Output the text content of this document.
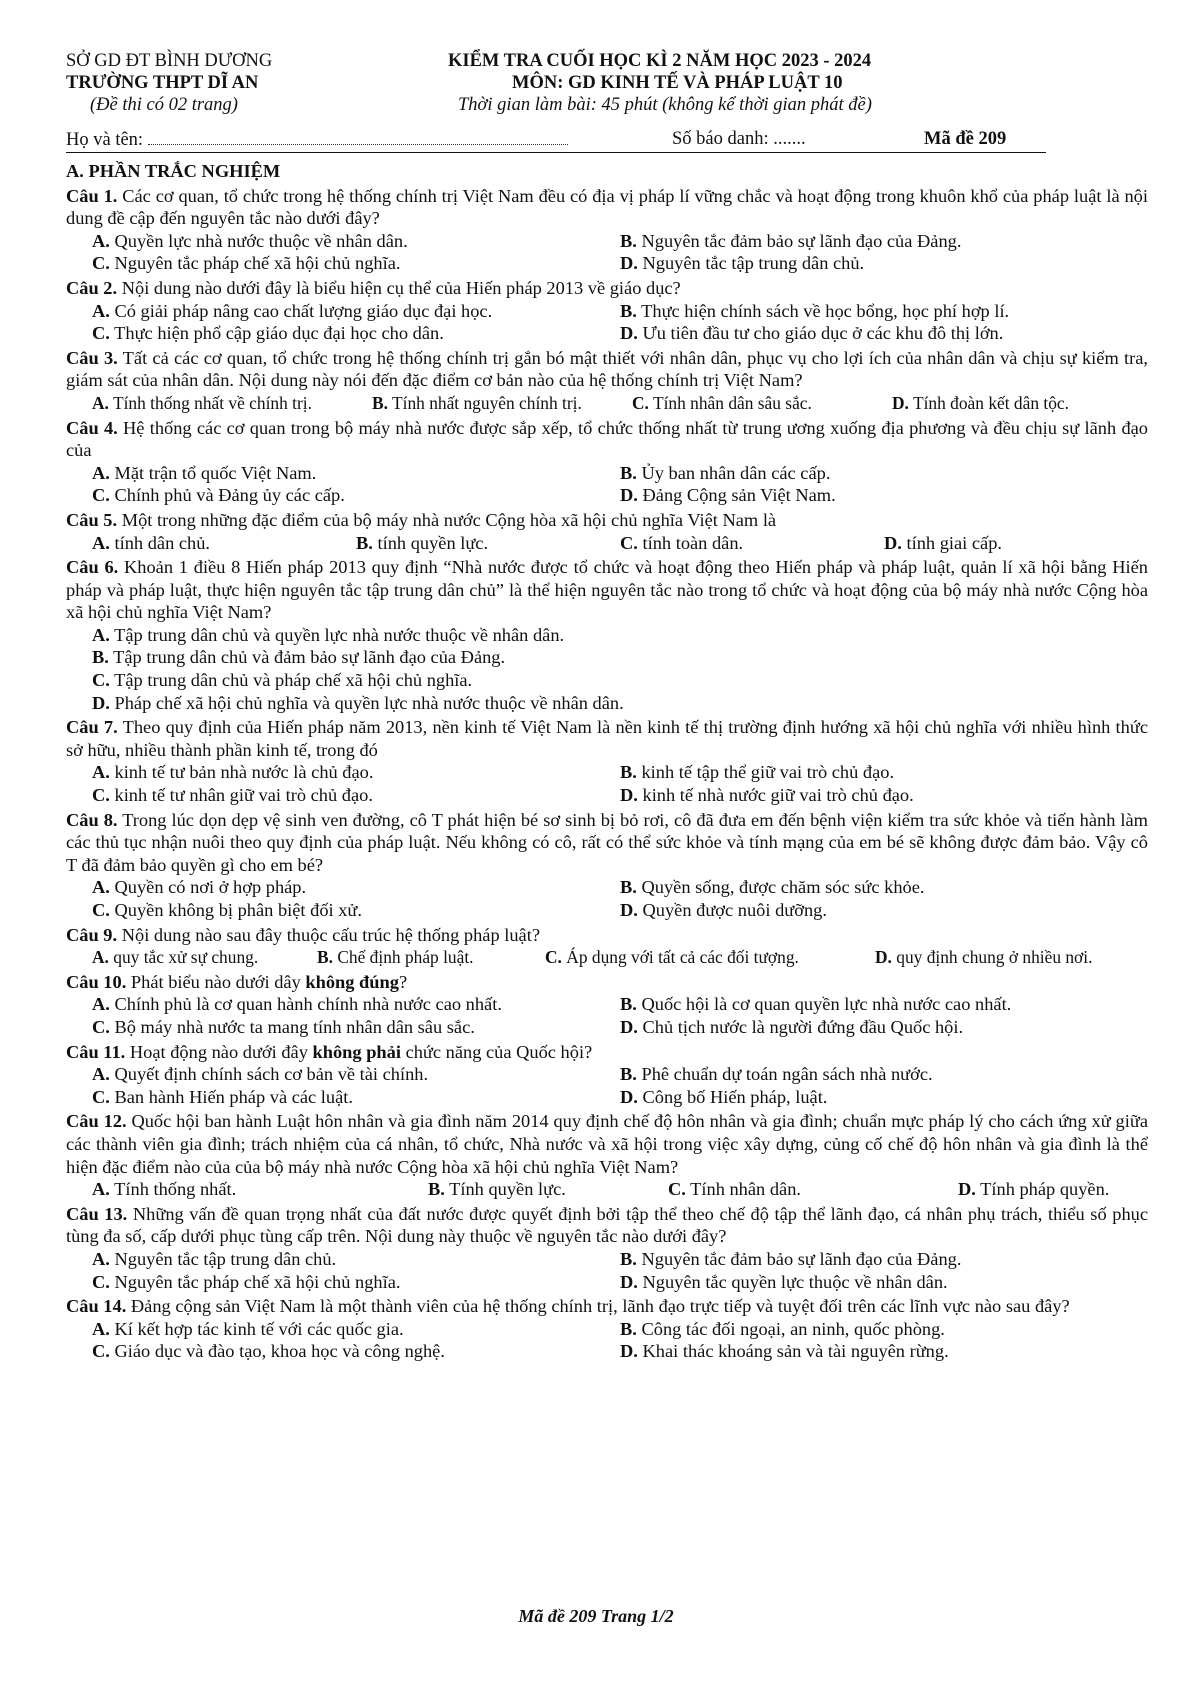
SỞ GD ĐT BÌNH DƯƠNG
TRƯỜNG THPT DĨ AN
(Đề thi có 02 trang)
KIỂM TRA CUỐI HỌC KÌ 2 NĂM HỌC 2023 - 2024
MÔN: GD KINH TẾ VÀ PHÁP LUẬT 10
Thời gian làm bài: 45 phút (không kể thời gian phát đề)
Họ và tên:	Số báo danh: .......	Mã đề 209
A. PHẦN TRẮC NGHIỆM
Câu 1. Các cơ quan, tổ chức trong hệ thống chính trị Việt Nam đều có địa vị pháp lí vững chắc và hoạt động trong khuôn khổ của pháp luật là nội dung đề cập đến nguyên tắc nào dưới đây?
A. Quyền lực nhà nước thuộc về nhân dân.	B. Nguyên tắc đảm bảo sự lãnh đạo của Đảng.
C. Nguyên tắc pháp chế xã hội chủ nghĩa.	D. Nguyên tắc tập trung dân chủ.
Câu 2. Nội dung nào dưới đây là biểu hiện cụ thể của Hiến pháp 2013 về giáo dục?
A. Có giải pháp nâng cao chất lượng giáo dục đại học.	B. Thực hiện chính sách về học bổng, học phí hợp lí.
C. Thực hiện phổ cập giáo dục đại học cho dân.	D. Ưu tiên đầu tư cho giáo dục ở các khu đô thị lớn.
Câu 3. Tất cả các cơ quan, tổ chức trong hệ thống chính trị gắn bó mật thiết với nhân dân, phục vụ cho lợi ích của nhân dân và chịu sự kiểm tra, giám sát của nhân dân. Nội dung này nói đến đặc điểm cơ bản nào của hệ thống chính trị Việt Nam?
A. Tính thống nhất về chính trị.	B. Tính nhất nguyên chính trị.	C. Tính nhân dân sâu sắc.	D. Tính đoàn kết dân tộc.
Câu 4. Hệ thống các cơ quan trong bộ máy nhà nước được sắp xếp, tổ chức thống nhất từ trung ương xuống địa phương và đều chịu sự lãnh đạo của
A. Mặt trận tổ quốc Việt Nam.	B. Ủy ban nhân dân các cấp.
C. Chính phủ và Đảng ủy các cấp.	D. Đảng Cộng sản Việt Nam.
Câu 5. Một trong những đặc điểm của bộ máy nhà nước Cộng hòa xã hội chủ nghĩa Việt Nam là
A. tính dân chủ.	B. tính quyền lực.	C. tính toàn dân.	D. tính giai cấp.
Câu 6. Khoản 1 điều 8 Hiến pháp 2013 quy định “Nhà nước được tổ chức và hoạt động theo Hiến pháp và pháp luật, quản lí xã hội bằng Hiến pháp và pháp luật, thực hiện nguyên tắc tập trung dân chủ” là thể hiện nguyên tắc nào trong tổ chức và hoạt động của bộ máy nhà nước Cộng hòa xã hội chủ nghĩa Việt Nam?
A. Tập trung dân chủ và quyền lực nhà nước thuộc về nhân dân.
B. Tập trung dân chủ và đảm bảo sự lãnh đạo của Đảng.
C. Tập trung dân chủ và pháp chế xã hội chủ nghĩa.
D. Pháp chế xã hội chủ nghĩa và quyền lực nhà nước thuộc về nhân dân.
Câu 7. Theo quy định của Hiến pháp năm 2013, nền kinh tế Việt Nam là nền kinh tế thị trường định hướng xã hội chủ nghĩa với nhiều hình thức sở hữu, nhiều thành phần kinh tế, trong đó
A. kinh tế tư bản nhà nước là chủ đạo.	B. kinh tế tập thể giữ vai trò chủ đạo.
C. kinh tế tư nhân giữ vai trò chủ đạo.	D. kinh tế nhà nước giữ vai trò chủ đạo.
Câu 8. Trong lúc dọn dẹp vệ sinh ven đường, cô T phát hiện bé sơ sinh bị bỏ rơi, cô đã đưa em đến bệnh viện kiểm tra sức khỏe và tiến hành làm các thủ tục nhận nuôi theo quy định của pháp luật. Nếu không có cô, rất có thể sức khỏe và tính mạng của em bé sẽ không được đảm bảo. Vậy cô T đã đảm bảo quyền gì cho em bé?
A. Quyền có nơi ở hợp pháp.	B. Quyền sống, được chăm sóc sức khỏe.
C. Quyền không bị phân biệt đối xử.	D. Quyền được nuôi dưỡng.
Câu 9. Nội dung nào sau đây thuộc cấu trúc hệ thống pháp luật?
A. quy tắc xử sự chung.	B. Chế định pháp luật.	C. Áp dụng với tất cả các đối tượng.	D. quy định chung ở nhiều nơi.
Câu 10. Phát biểu nào dưới dây không đúng?
A. Chính phủ là cơ quan hành chính nhà nước cao nhất.	B. Quốc hội là cơ quan quyền lực nhà nước cao nhất.
C. Bộ máy nhà nước ta mang tính nhân dân sâu sắc.	D. Chủ tịch nước là người đứng đầu Quốc hội.
Câu 11. Hoạt động nào dưới đây không phải chức năng của Quốc hội?
A. Quyết định chính sách cơ bản về tài chính.	B. Phê chuẩn dự toán ngân sách nhà nước.
C. Ban hành Hiến pháp và các luật.	D. Công bố Hiến pháp, luật.
Câu 12. Quốc hội ban hành Luật hôn nhân và gia đình năm 2014 quy định chế độ hôn nhân và gia đình; chuẩn mực pháp lý cho cách ứng xử giữa các thành viên gia đình; trách nhiệm của cá nhân, tổ chức, Nhà nước và xã hội trong việc xây dựng, củng cố chế độ hôn nhân và gia đình là thể hiện đặc điểm nào của của bộ máy nhà nước Cộng hòa xã hội chủ nghĩa Việt Nam?
A. Tính thống nhất.	B. Tính quyền lực.	C. Tính nhân dân.	D. Tính pháp quyền.
Câu 13. Những vấn đề quan trọng nhất của đất nước được quyết định bởi tập thể theo chế độ tập thể lãnh đạo, cá nhân phụ trách, thiểu số phục tùng đa số, cấp dưới phục tùng cấp trên. Nội dung này thuộc về nguyên tắc nào dưới đây?
A. Nguyên tắc tập trung dân chủ.	B. Nguyên tắc đảm bảo sự lãnh đạo của Đảng.
C. Nguyên tắc pháp chế xã hội chủ nghĩa.	D. Nguyên tắc quyền lực thuộc về nhân dân.
Câu 14. Đảng cộng sản Việt Nam là một thành viên của hệ thống chính trị, lãnh đạo trực tiếp và tuyệt đối trên các lĩnh vực nào sau đây?
A. Kí kết hợp tác kinh tế với các quốc gia.	B. Công tác đối ngoại, an ninh, quốc phòng.
C. Giáo dục và đào tạo, khoa học và công nghệ.	D. Khai thác khoáng sản và tài nguyên rừng.
Mã đề 209 Trang 1/2
